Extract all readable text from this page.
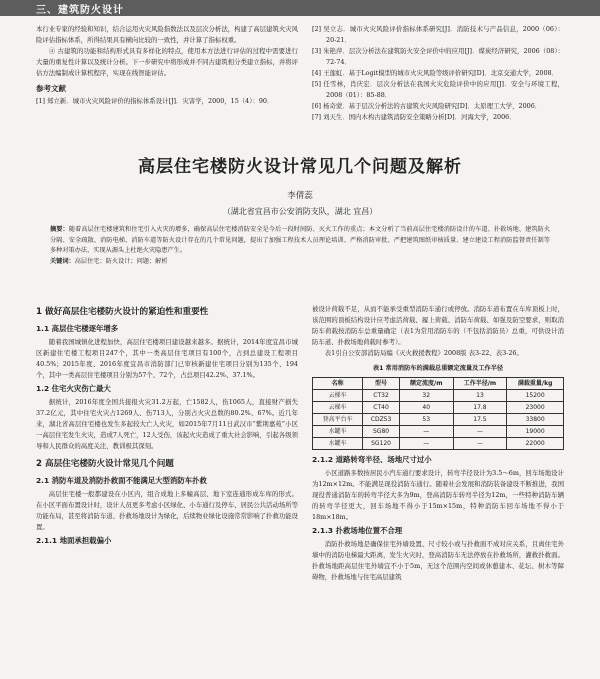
三、建筑防火设计

本行业专家的经验和知识，结合运用火灾风险指数法以及层次分析法，构建了高层建筑火灾风险评估指标体系，所得结果具有横向比较的一致性，并计算了指标权重。

④ 古建筑的功能和结构形式具有多样化的特点，使用本方法进行评估的过程中需要进行大量的重复性计算以及统计分析。下一步研究中将形成并不同古建筑相分类建立指标，并将评估方法编制成计算机程序，实现在线智能评估。

参考文献
[1] 郑立新．城市火灾风险评价的指标体系设计[J]．灾害学，2000，15（4）：90．
[2] 吴立志．城市火灾风险评价指标体系研究[J]．消防技术与产品信息，2000（06）：20-21．
[3] 朱艳萍．层次分析法在建筑防火安全评价中的应用[J]．煤炭经济研究，2006（08）：72-74．
[4] 王莲虹．基于Logit模型的城市火灾风险等级评价研究[D]．北京交通大学，2008．
[5] 任雪林，肖庆宏．层次分析法在我国火灾危险评价中的应用[J]．安全与环境工程，2008（01）：85-88．
[6] 杨奇蒙．基于层次分析法的古建筑火灾风险研究[D]．太原理工大学，2006．
[7] 刘天生．国内木构古建筑消防安全策略分析[D]．河海大学，2006．
高层住宅楼防火设计常见几个问题及解析
李倩蕊
（湖北省宜昌市公安消防支队，湖北 宜昌）
摘要：随着高层住宅楼建筑和住宅引入火灾的增多，确保高层住宅楼消防安全是今后一段时间防、灭火工作的重点；本文分析了当前高层住宅楼消防设计的车道、扑救场地、建筑防火分隔、安全疏散、消防电梯、消防车道等防火设计存在的几个常见问题，提出了加强工程技术人员理论培训、严格消防审批、严把建筑图纸审核质量、建立建设工程消防监督责任制等多种对策办法，实现从源头上杜绝火灾隐患产生。
关键词：高层住宅；防火设计；问题；解析
1 做好高层住宅楼防火设计的紧迫性和重要性
1.1 高层住宅楼逐年增多

随着我国城镇化进程加快，高层住宅楼项目建设越来越多。据统计，2014年度宜昌市城区新建住宅楼工程项目247个，其中一类高层住宅项目有100个，占到总建设工程项目40.5%；2015年度、2016年度宜昌市消防部门已审核新建住宅项目分别为135个、194个，其中一类高层住宅楼项目分别为57个、72个，占总项目42.2%、37.1%。

1.2 住宅火灾伤亡最大

据统计，2016年度全国共接报火灾31.2万起，亡1582人，伤1065人，直接财产损失37.2亿元，其中住宅火灾占1269人、伤713人，分别占火灾总数的80.2%、67%。近几年来，湖北省高层住宅楼也发生多起较大亡人火灾，如2015年7月11日武汉市“紫荆嘉苑”小区一高层住宅发生火灾，造成7人死亡，12人受伤，该起火灾造成了重大社会影响，引起各级领导和人民群众的高度关注，教训极其深刻。

2 高层住宅楼防火设计常见几个问题
2.1 消防车道及消防扑救面不能满足大型消防车扑救

高层住宅楼一般都建设在小区内，组合成地上多幢高层、地下室连通形成车库的形式。在小区平面布置设计时，设计人员更多考虑小区绿化、小车通行及停车、居民公共活动场所等功能布局，甚至将消防车道、扑救场地设计为绿化，后续物业绿化设施常常影响了扑救功能设置。

2.1.1 地面承担载偏小

被设计荷载不足，从而不能承受重型消防车通行或停放。消防车道布置在车库顶板上时，该范围的顶板结构设计应考虑活荷载、履上荷载、消防车荷载、如强及防空要求，则取消防车荷载按消防车总重量确定（表1为常用消防车的（不包括消防员）总重，可供设计消防车道、扑救场地荷载时参考）。

表1引自公安部消防局编《灭火救援教程》2008版 表3-22、表3-26。

表1 常用消防车的满载总重额定流量及工作半径
名称	型号	额定流度/m	工作半径/m	满载重量/kg
云梯车	CT32	32	13	15200
云梯车	CT40	40	17.8	23000
登高平台车	CDZ53	53	17.5	33800
水罐车	SG80	—	—	19000
水罐车	SG120	—	—	22000
2.1.2 道路转弯半径、场地尺寸过小

小区道路多数按居民小汽车通行要求设计，转弯半径设计为3.5～6m，回车场地设计为12m×12m。不能满足现役消防车通行。随着社会发展和消防装备建设不断推进，我国现役普通消防车的转弯半径大多为9m，登高消防车转弯半径为12m，一些特种消防车辆的转弯半径更大，回车场地不得小于15m×15m，特种消防车回车场地不得小于18m×18m。

2.1.3 扑救场地位置不合理

消防扑救场地是确保住宅外墙设置、尺寸较小或与扑救面不成对应关系，且离住宅外墙中的消防电梯最大距离，发生火灾时，登高消防车无法停放在扑救场所，灌救扑救面。扑救场地距高层住宅外墙宜不小于5m，无这个范围内空间或休憩建木、花坛、树木等障碍物，扑救场地与住宅高层建筑
